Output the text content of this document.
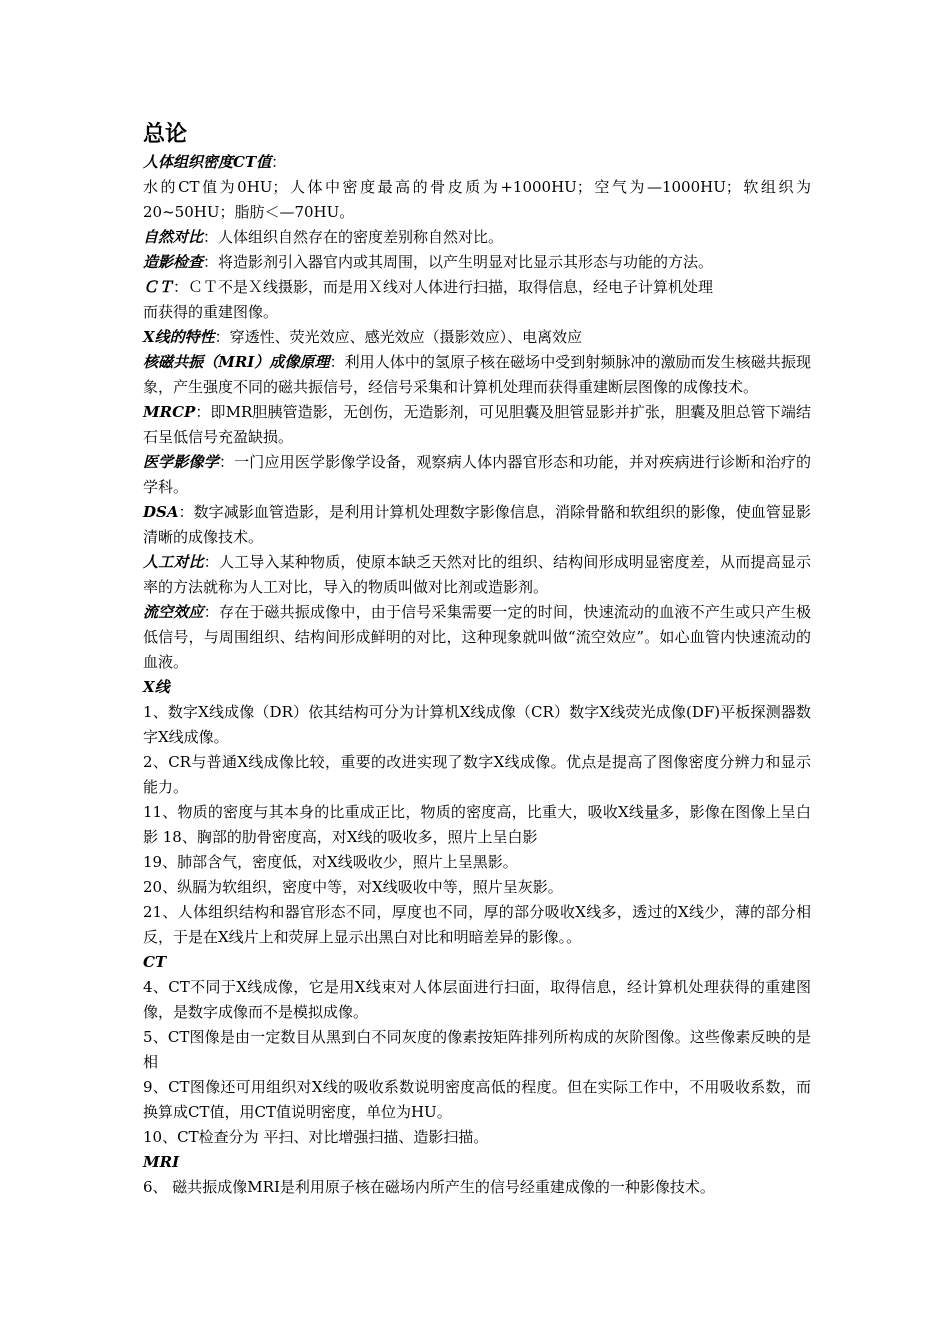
总论

人体组织密度CT值：

水的CT值为0HU；人体中密度最高的骨皮质为+1000HU；空气为—1000HU；软组织为20~50HU；脂肪＜—70HU。

自然对比：人体组织自然存在的密度差别称自然对比。

造影检查：将造影剂引入器官内或其周围，以产生明显对比显示其形态与功能的方法。

ＣＴ：ＣＴ不是Ｘ线摄影，而是用Ｘ线对人体进行扫描，取得信息，经电子计算机处理

而获得的重建图像。

X线的特性：穿透性、荧光效应、感光效应（摄影效应）、电离效应

核磁共振（MRI）成像原理：利用人体中的氢原子核在磁场中受到射频脉冲的激励而发生核磁共振现象，产生强度不同的磁共振信号，经信号采集和计算机处理而获得重建断层图像的成像技术。

MRCP：即MR胆胰管造影，无创伤，无造影剂，可见胆囊及胆管显影并扩张，胆囊及胆总管下端结石呈低信号充盈缺损。

医学影像学：一门应用医学影像学设备，观察病人体内器官形态和功能，并对疾病进行诊断和治疗的学科。

DSA：数字减影血管造影，是利用计算机处理数字影像信息，消除骨骼和软组织的影像，使血管显影清晰的成像技术。

人工对比：人工导入某种物质，使原本缺乏天然对比的组织、结构间形成明显密度差，从而提高显示率的方法就称为人工对比，导入的物质叫做对比剂或造影剂。

流空效应：存在于磁共振成像中，由于信号采集需要一定的时间，快速流动的血液不产生或只产生极低信号，与周围组织、结构间形成鲜明的对比，这种现象就叫做“流空效应”。如心血管内快速流动的血液。

X线

1、数字X线成像（DR）依其结构可分为计算机X线成像（CR）数字X线荧光成像(DF)平板探测器数字X线成像。

2、CR与普通X线成像比较，重要的改进实现了数字X线成像。优点是提高了图像密度分辨力和显示能力。

11、物质的密度与其本身的比重成正比，物质的密度高，比重大，吸收X线量多，影像在图像上呈白影 18、胸部的肋骨密度高，对X线的吸收多，照片上呈白影

19、肺部含气，密度低，对X线吸收少，照片上呈黑影。

20、纵膈为软组织，密度中等，对X线吸收中等，照片呈灰影。

21、人体组织结构和器官形态不同，厚度也不同，厚的部分吸收X线多，透过的X线少，薄的部分相反，于是在X线片上和荧屏上显示出黑白对比和明暗差异的影像。。

CT

4、CT不同于X线成像，它是用X线束对人体层面进行扫面，取得信息，经计算机处理获得的重建图像，是数字成像而不是模拟成像。

5、CT图像是由一定数目从黑到白不同灰度的像素按矩阵排列所构成的灰阶图像。这些像素反映的是相

9、CT图像还可用组织对X线的吸收系数说明密度高低的程度。但在实际工作中，不用吸收系数，而换算成CT值，用CT值说明密度，单位为HU。

10、CT检查分为 平扫、对比增强扫描、造影扫描。

MRI

6、 磁共振成像MRI是利用原子核在磁场内所产生的信号经重建成像的一种影像技术。
